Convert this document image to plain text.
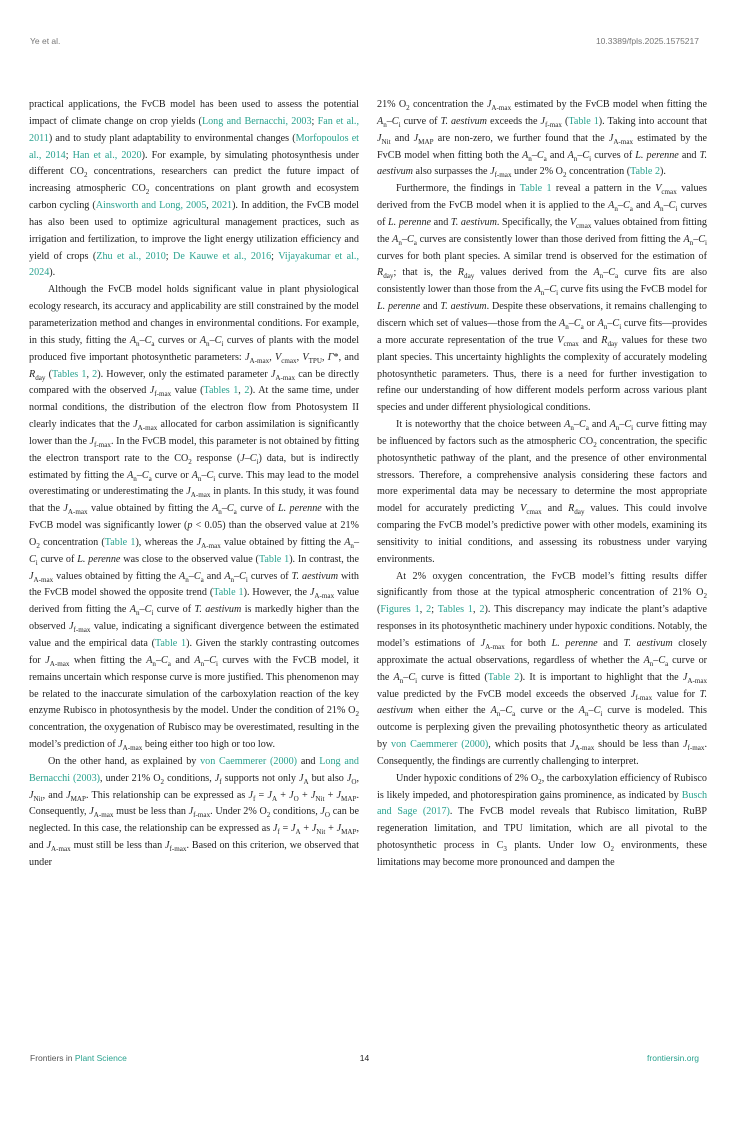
Ye et al.	10.3389/fpls.2025.1575217

practical applications, the FvCB model has been used to assess the potential impact of climate change on crop yields (Long and Bernacchi, 2003; Fan et al., 2011) and to study plant adaptability to environmental changes (Morfopoulos et al., 2014; Han et al., 2020). For example, by simulating photosynthesis under different $CO_2$ concentrations, researchers can predict the future impact of increasing atmospheric $CO_2$ concentrations on plant growth and ecosystem carbon cycling (Ainsworth and Long, 2005, 2021). In addition, the FvCB model has also been used to optimize agricultural management practices, such as irrigation and fertilization, to improve the light energy utilization efficiency and yield of crops (Zhu et al., 2010; De Kauwe et al., 2016; Vijayakumar et al., 2024).

Although the FvCB model holds significant value in plant physiological ecology research, its accuracy and applicability are still constrained by the model parameterization method and changes in environmental conditions. For example, in this study, fitting the $A_n-C_a$ curves or $A_n-C_i$ curves of plants with the model produced five important photosynthetic parameters: $J_{A-max}$, $V_{cmax}$, $V_{TPU}$, Γ*, and $R_{day}$ (Tables 1, 2). However, only the estimated parameter $J_{A-max}$ can be directly compared with the observed $J_{f-max}$ value (Tables 1, 2). At the same time, under normal conditions, the distribution of the electron flow from Photosystem II clearly indicates that the $J_{A-max}$ allocated for carbon assimilation is significantly lower than the $J_{f-max}$. In the FvCB model, this parameter is not obtained by fitting the electron transport rate to the $CO_2$ response $(J-C_i)$ data, but is indirectly estimated by fitting the $A_n-C_a$ curve or $A_n-C_i$ curve. This may lead to the model overestimating or underestimating the $J_{A-max}$ in plants. In this study, it was found that the $J_{A-max}$ value obtained by fitting the $A_n-C_a$ curve of L. perenne with the FvCB model was significantly lower (p < 0.05) than the observed value at 21% $O_2$ concentration (Table 1), whereas the $J_{A-max}$ value obtained by fitting the $A_n-C_i$ curve of L. perenne was close to the observed value (Table 1). In contrast, the $J_{A-max}$ values obtained by fitting the $A_n-C_a$ and $A_n-C_i$ curves of T. aestivum with the FvCB model showed the opposite trend (Table 1). However, the $J_{A-max}$ value derived from fitting the $A_n-C_i$ curve of T. aestivum is markedly higher than the observed $J_{f-max}$ value, indicating a significant divergence between the estimated value and the empirical data (Table 1). Given the starkly contrasting outcomes for $J_{A-max}$ when fitting the $A_n-C_a$ and $A_n-C_i$ curves with the FvCB model, it remains uncertain which response curve is more justified. This phenomenon may be related to the inaccurate simulation of the carboxylation reaction of the key enzyme Rubisco in photosynthesis by the model. Under the condition of 21% $O_2$ concentration, the oxygenation of Rubisco may be overestimated, resulting in the model’s prediction of $J_{A-max}$ being either too high or too low.

On the other hand, as explained by von Caemmerer (2000) and Long and Bernacchi (2003), under 21% $O_2$ conditions, $J_f$ supports not only $J_A$ but also $J_O$, $J_{Nit}$, and $J_{MAP}$. This relationship can be expressed as $J_f = J_A + J_O + J_{Nit} + J_{MAP}$. Consequently, $J_{A-max}$ must be less than $J_{f-max}$. Under 2% $O_2$ conditions, $J_O$ can be neglected. In this case, the relationship can be expressed as $J_f = J_A + J_{Nit} + J_{MAP}$, and $J_{A-max}$ must still be less than $J_{f-max}$. Based on this criterion, we observed that under

21% $O_2$ concentration the $J_{A-max}$ estimated by the FvCB model when fitting the $A_n-C_i$ curve of T. aestivum exceeds the $J_{f-max}$ (Table 1). Taking into account that $J_{Nit}$ and $J_{MAP}$ are non-zero, we further found that the $J_{A-max}$ estimated by the FvCB model when fitting both the $A_n-C_a$ and $A_n-C_i$ curves of L. perenne and T. aestivum also surpasses the $J_{f-max}$ under 2% $O_2$ concentration (Table 2).

Furthermore, the findings in Table 1 reveal a pattern in the $V_{cmax}$ values derived from the FvCB model when it is applied to the $A_n-C_a$ and $A_n-C_i$ curves of L. perenne and T. aestivum. Specifically, the $V_{cmax}$ values obtained from fitting the $A_n-C_a$ curves are consistently lower than those derived from fitting the $A_n-C_i$ curves for both plant species. A similar trend is observed for the estimation of $R_{day}$; that is, the $R_{day}$ values derived from the $A_n-C_a$ curve fits are also consistently lower than those from the $A_n-C_i$ curve fits using the FvCB model for L. perenne and T. aestivum. Despite these observations, it remains challenging to discern which set of values—those from the $A_n-C_a$ or $A_n-C_i$ curve fits—provides a more accurate representation of the true $V_{cmax}$ and $R_{day}$ values for these two plant species. This uncertainty highlights the complexity of accurately modeling photosynthetic parameters. Thus, there is a need for further investigation to refine our understanding of how different models perform across various plant species and under different physiological conditions.

It is noteworthy that the choice between $A_n-C_a$ and $A_n-C_i$ curve fitting may be influenced by factors such as the atmospheric $CO_2$ concentration, the specific photosynthetic pathway of the plant, and the presence of other environmental stressors. Therefore, a comprehensive analysis considering these factors and more experimental data may be necessary to determine the most appropriate model for accurately predicting $V_{cmax}$ and $R_{day}$ values. This could involve comparing the FvCB model’s predictive power with other models, examining its sensitivity to initial conditions, and assessing its robustness under varying environments.

At 2% oxygen concentration, the FvCB model’s fitting results differ significantly from those at the typical atmospheric concentration of 21% $O_2$ (Figures 1, 2; Tables 1, 2). This discrepancy may indicate the plant’s adaptive responses in its photosynthetic machinery under hypoxic conditions. Notably, the model’s estimations of $J_{A-max}$ for both L. perenne and T. aestivum closely approximate the actual observations, regardless of whether the $A_n-C_a$ curve or the $A_n-C_i$ curve is fitted (Table 2). It is important to highlight that the $J_{A-max}$ value predicted by the FvCB model exceeds the observed $J_{f-max}$ value for T. aestivum when either the $A_n-C_a$ curve or the $A_n-C_i$ curve is modeled. This outcome is perplexing given the prevailing photosynthetic theory as articulated by von Caemmerer (2000), which posits that $J_{A-max}$ should be less than $J_{f-max}$. Consequently, the findings are currently challenging to interpret.

Under hypoxic conditions of 2% $O_2$, the carboxylation efficiency of Rubisco is likely impeded, and photorespiration gains prominence, as indicated by Busch and Sage (2017). The FvCB model reveals that Rubisco limitation, RuBP regeneration limitation, and TPU limitation, which are all pivotal to the photosynthetic process in $C_3$ plants. Under low $O_2$ environments, these limitations may become more pronounced and dampen the

Frontiers in Plant Science	14	frontiersin.org
